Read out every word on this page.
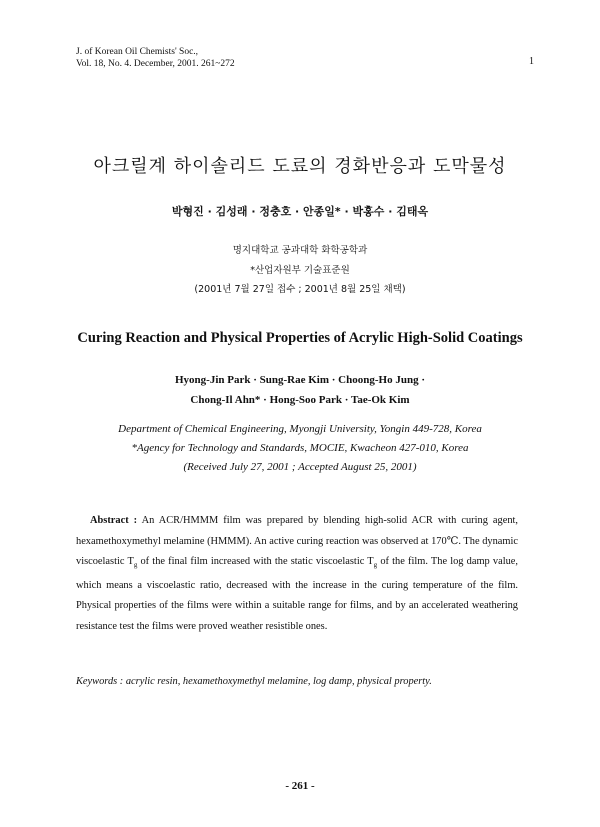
J. of Korean Oil Chemists' Soc.,
Vol. 18, No. 4. December, 2001. 261~272	1
아크릴계 하이솔리드 도료의 경화반응과 도막물성
박형진 · 김성래 · 정충호 · 안종일* · 박홍수 · 김태옥
명지대학교 공과대학 화학공학과
*산업자원부 기술표준원
(2001년 7월 27일 접수 ; 2001년 8월 25일 채택)
Curing Reaction and Physical Properties of Acrylic High-Solid Coatings
Hyong-Jin Park · Sung-Rae Kim · Choong-Ho Jung ·
Chong-Il Ahn* · Hong-Soo Park · Tae-Ok Kim
Department of Chemical Engineering, Myongji University, Yongin 449-728, Korea
*Agency for Technology and Standards, MOCIE, Kwacheon 427-010, Korea
(Received July 27, 2001 ; Accepted August 25, 2001)
Abstract : An ACR/HMMM film was prepared by blending high-solid ACR with curing agent, hexamethoxymethyl melamine (HMMM). An active curing reaction was observed at 170℃. The dynamic viscoelastic $T_g$ of the final film increased with the static viscoelastic $T_g$ of the film. The log damp value, which means a viscoelastic ratio, decreased with the increase in the curing temperature of the film. Physical properties of the films were within a suitable range for films, and by an accelerated weathering resistance test the films were proved weather resistible ones.
Keywords : acrylic resin, hexamethoxymethyl melamine, log damp, physical property.
- 261 -
